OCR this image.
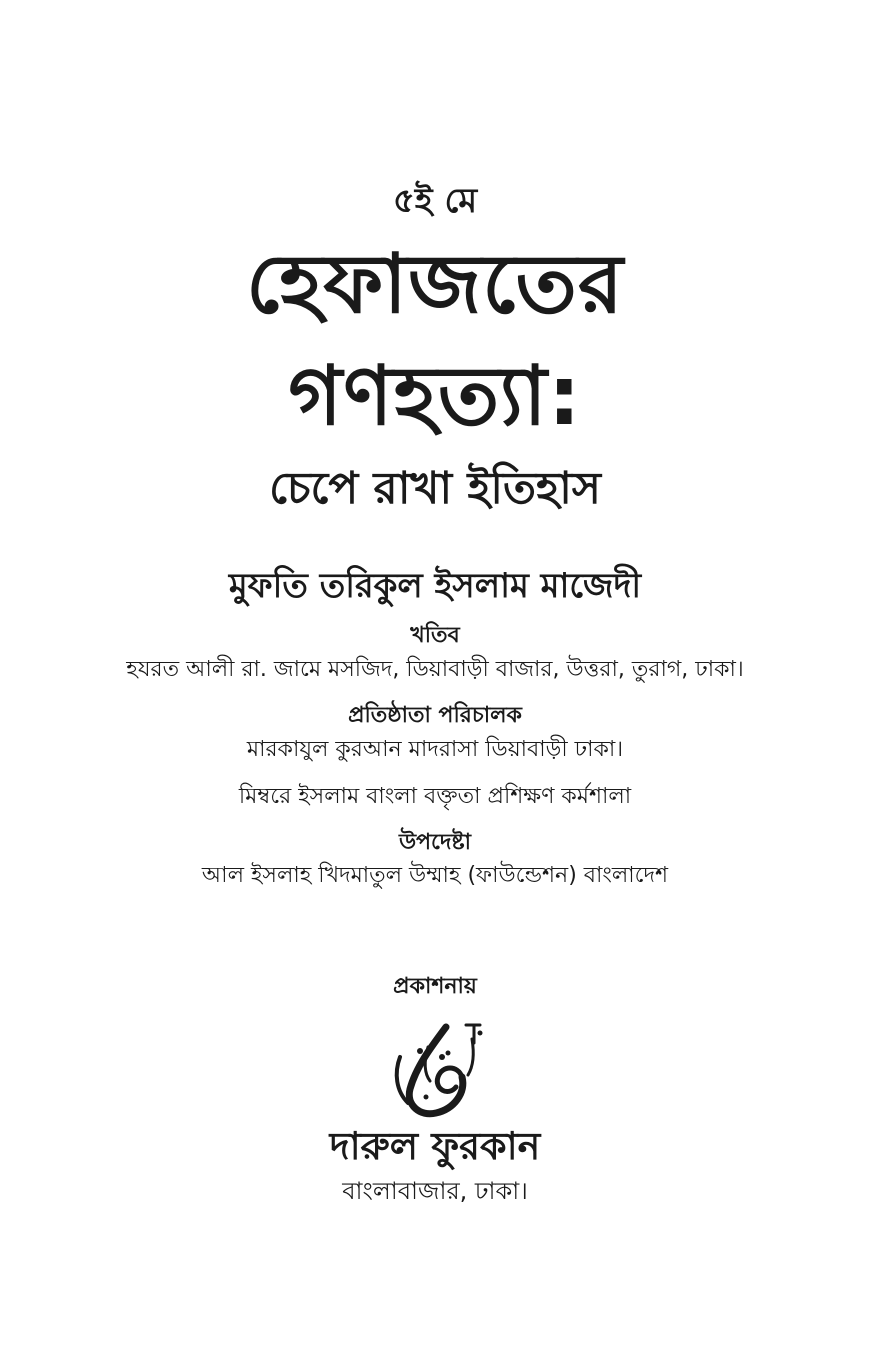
৫ই মে
হেফাজতের
গণহত্যা:
চেপে রাখা ইতিহাস
মুফতি তরিকুল ইসলাম মাজেদী
খতিব
হযরত আলী রা. জামে মসজিদ, ডিয়াবাড়ী বাজার, উত্তরা, তুরাগ, ঢাকা।
প্রতিষ্ঠাতা পরিচালক
মারকাযুল কুরআন মাদরাসা ডিয়াবাড়ী ঢাকা।
মিম্বরে ইসলাম বাংলা বক্তৃতা প্রশিক্ষণ কর্মশালা
উপদেষ্টা
আল ইসলাহ খিদমাতুল উম্মাহ (ফাউন্ডেশন) বাংলাদেশ
প্রকাশনায়
দারুল ফুরকান
বাংলাবাজার, ঢাকা।
